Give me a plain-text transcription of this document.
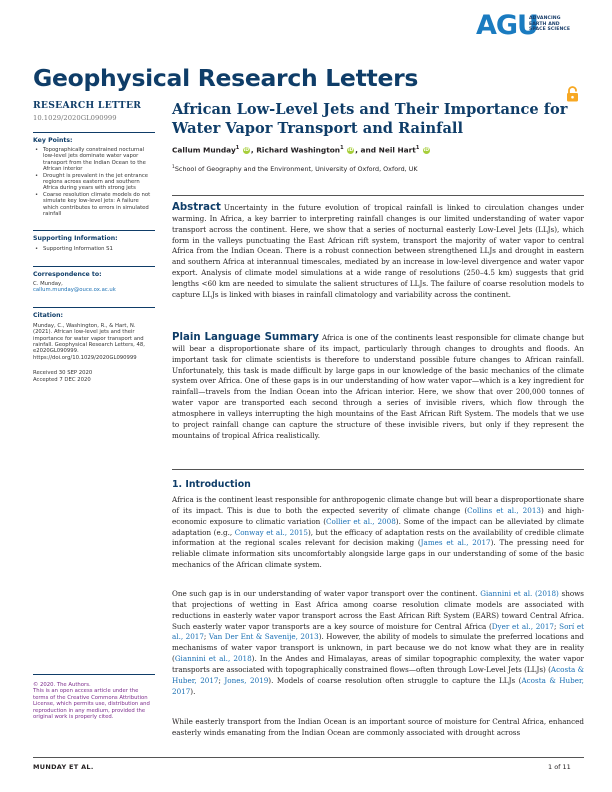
AGU
ADVANCING
EARTH AND
SPACE SCIENCE
Geophysical Research Letters
RESEARCH LETTER
10.1029/2020GL090999
Key Points:
• Topographically constrained nocturnal low-level jets dominate water vapor transport from the Indian Ocean to the African interior
• Drought is prevalent in the jet entrance regions across eastern and southern Africa during years with strong jets
• Coarse resolution climate models do not simulate key low-level jets: A failure which contributes to errors in simulated rainfall
Supporting Information:
• Supporting Information S1
Correspondence to:
C. Munday,
callum.munday@ouce.ox.ac.uk
Citation:
Munday, C., Washington, R., & Hart, N. (2021). African low-level jets and their importance for water vapor transport and rainfall. Geophysical Research Letters, 48, e2020GL090999. https://doi.org/10.1029/2020GL090999
Received 30 SEP 2020
Accepted 7 DEC 2020
African Low-Level Jets and Their Importance for Water Vapor Transport and Rainfall
Callum Munday$^1$ iD , Richard Washington$^1$ iD , and Neil Hart$^1$ iD
$^1$School of Geography and the Environment, University of Oxford, Oxford, UK
Abstract Uncertainty in the future evolution of tropical rainfall is linked to circulation changes under warming. In Africa, a key barrier to interpreting rainfall changes is our limited understanding of water vapor transport across the continent. Here, we show that a series of nocturnal easterly Low-Level Jets (LLJs), which form in the valleys punctuating the East African rift system, transport the majority of water vapor to central Africa from the Indian Ocean. There is a robust connection between strengthened LLJs and drought in eastern and southern Africa at interannual timescales, mediated by an increase in low-level divergence and water vapor export. Analysis of climate model simulations at a wide range of resolutions (250–4.5 km) suggests that grid lengths <60 km are needed to simulate the salient structures of LLJs. The failure of coarse resolution models to capture LLJs is linked with biases in rainfall climatology and variability across the continent.
Plain Language Summary Africa is one of the continents least responsible for climate change but will bear a disproportionate share of its impact, particularly through changes to droughts and floods. An important task for climate scientists is therefore to understand possible future changes to African rainfall. Unfortunately, this task is made difficult by large gaps in our knowledge of the basic mechanics of the climate system over Africa. One of these gaps is in our understanding of how water vapor—which is a key ingredient for rainfall—travels from the Indian Ocean into the African interior. Here, we show that over 200,000 tonnes of water vapor are transported each second through a series of invisible rivers, which flow through the atmosphere in valleys interrupting the high mountains of the East African Rift System. The models that we use to project rainfall change can capture the structure of these invisible rivers, but only if they represent the mountains of tropical Africa realistically.
1. Introduction
Africa is the continent least responsible for anthropogenic climate change but will bear a disproportionate share of its impact. This is due to both the expected severity of climate change (Collins et al., 2013) and high-economic exposure to climatic variation (Collier et al., 2008). Some of the impact can be alleviated by climate adaptation (e.g., Conway et al., 2015), but the efficacy of adaptation rests on the availability of credible climate information at the regional scales relevant for decision making (James et al., 2017). The pressing need for reliable climate information sits uncomfortably alongside large gaps in our understanding of some of the basic mechanics of the African climate system.
One such gap is in our understanding of water vapor transport over the continent. Giannini et al. (2018) shows that projections of wetting in East Africa among coarse resolution climate models are associated with reductions in easterly water vapor transport across the East African Rift System (EARS) toward Central Africa. Such easterly water vapor transports are a key source of moisture for Central Africa (Dyer et al., 2017; Sorí et al., 2017; Van Der Ent & Savenije, 2013). However, the ability of models to simulate the preferred locations and mechanisms of water vapor transport is unknown, in part because we do not know what they are in reality (Giannini et al., 2018). In the Andes and Himalayas, areas of similar topographic complexity, the water vapor transports are associated with topographically constrained flows—often through Low-Level Jets (LLJs) (Acosta & Huber, 2017; Jones, 2019). Models of coarse resolution often struggle to capture the LLJs (Acosta & Huber, 2017).
While easterly transport from the Indian Ocean is an important source of moisture for Central Africa, enhanced easterly winds emanating from the Indian Ocean are commonly associated with drought across
© 2020. The Authors.
This is an open access article under the terms of the Creative Commons Attribution License, which permits use, distribution and reproduction in any medium, provided the original work is properly cited.
MUNDAY ET AL.	1 of 11
